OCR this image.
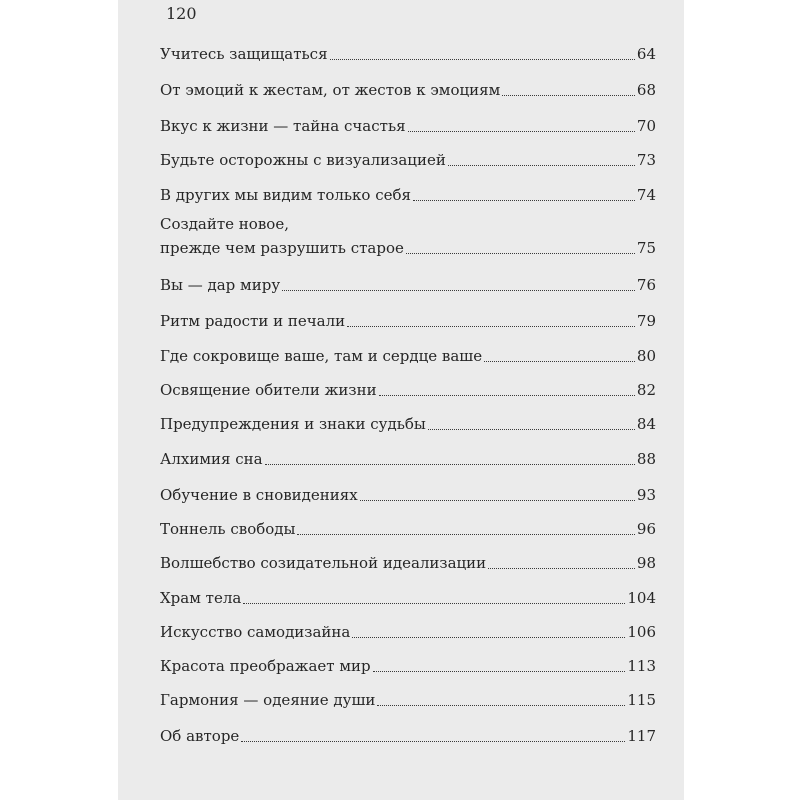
120
Учитесь защищаться	64
От эмоций к жестам, от жестов к эмоциям	68
Вкус к жизни — тайна счастья	70
Будьте осторожны с визуализацией	73
В других мы видим только себя	74
Создайте новое,
прежде чем разрушить старое	75
Вы — дар миру	76
Ритм радости и печали	79
Где сокровище ваше, там и сердце ваше	80
Освящение обители жизни	82
Предупреждения и знаки судьбы	84
Алхимия сна	88
Обучение в сновидениях	93
Тоннель свободы	96
Волшебство созидательной идеализации	98
Храм тела	104
Искусство самодизайна	106
Красота преображает мир	113
Гармония — одеяние души	115
Об авторе	117
